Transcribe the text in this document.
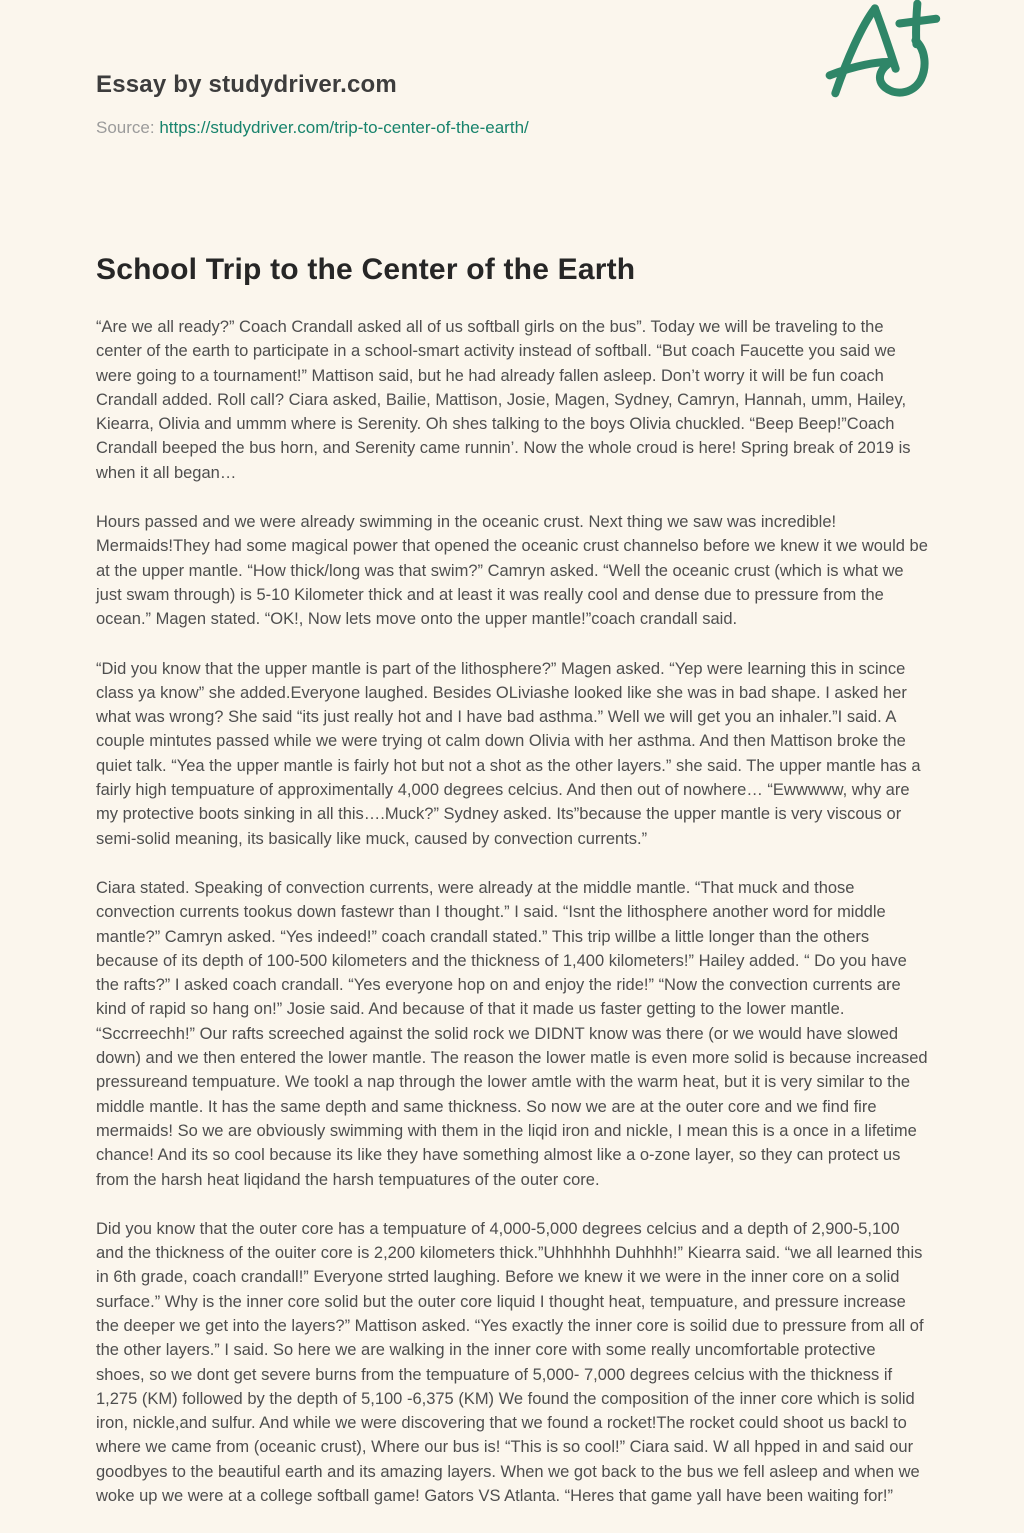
Essay by studydriver.com
Source: https://studydriver.com/trip-to-center-of-the-earth/
School Trip to the Center of the Earth

“Are we all ready?” Coach Crandall asked all of us softball girls on the bus”. Today we will be traveling to the center of the earth to participate in a school-smart activity instead of softball. “But coach Faucette you said we were going to a tournament!” Mattison said, but he had already fallen asleep. Don’t worry it will be fun coach Crandall added. Roll call? Ciara asked, Bailie, Mattison, Josie, Magen, Sydney, Camryn, Hannah, umm, Hailey, Kiearra, Olivia and ummm where is Serenity. Oh shes talking to the boys Olivia chuckled. “Beep Beep!”Coach Crandall beeped the bus horn, and Serenity came runnin’. Now the whole croud is here! Spring break of 2019 is when it all began…

Hours passed and we were already swimming in the oceanic crust. Next thing we saw was incredible! Mermaids!They had some magical power that opened the oceanic crust channelso before we knew it we would be at the upper mantle. “How thick/long was that swim?” Camryn asked. “Well the oceanic crust (which is what we just swam through) is 5-10 Kilometer thick and at least it was really cool and dense due to pressure from the ocean.” Magen stated. “OK!, Now lets move onto the upper mantle!”coach crandall said.

“Did you know that the upper mantle is part of the lithosphere?” Magen asked. “Yep were learning this in scince class ya know” she added.Everyone laughed. Besides OLiviashe looked like she was in bad shape. I asked her what was wrong? She said “its just really hot and I have bad asthma.” Well we will get you an inhaler.”I said. A couple mintutes passed while we were trying ot calm down Olivia with her asthma. And then Mattison broke the quiet talk. “Yea the upper mantle is fairly hot but not a shot as the other layers.” she said. The upper mantle has a fairly high tempuature of approximentally 4,000 degrees celcius. And then out of nowhere… “Ewwwww, why are my protective boots sinking in all this….Muck?” Sydney asked. Its”because the upper mantle is very viscous or semi-solid meaning, its basically like muck, caused by convection currents.”

Ciara stated. Speaking of convection currents, were already at the middle mantle. “That muck and those convection currents tookus down fastewr than I thought.” I said. “Isnt the lithosphere another word for middle mantle?” Camryn asked. “Yes indeed!” coach crandall stated.” This trip willbe a little longer than the others because of its depth of 100-500 kilometers and the thickness of 1,400 kilometers!” Hailey added. “ Do you have the rafts?” I asked coach crandall. “Yes everyone hop on and enjoy the ride!” “Now the convection currents are kind of rapid so hang on!” Josie said. And because of that it made us faster getting to the lower mantle. “Sccrreechh!” Our rafts screeched against the solid rock we DIDNT know was there (or we would have slowed down) and we then entered the lower mantle. The reason the lower matle is even more solid is because increased pressureand tempuature. We tookl a nap through the lower amtle with the warm heat, but it is very similar to the middle mantle. It has the same depth and same thickness. So now we are at the outer core and we find fire mermaids! So we are obviously swimming with them in the liqid iron and nickle, I mean this is a once in a lifetime chance! And its so cool because its like they have something almost like a o-zone layer, so they can protect us from the harsh heat liqidand the harsh tempuatures of the outer core.

Did you know that the outer core has a tempuature of 4,000-5,000 degrees celcius and a depth of 2,900-5,100 and the thickness of the ouiter core is 2,200 kilometers thick.”Uhhhhhh Duhhhh!” Kiearra said. “we all learned this in 6th grade, coach crandall!” Everyone strted laughing. Before we knew it we were in the inner core on a solid surface.” Why is the inner core solid but the outer core liquid I thought heat, tempuature, and pressure increase the deeper we get into the layers?” Mattison asked. “Yes exactly the inner core is soilid due to pressure from all of the other layers.” I said. So here we are walking in the inner core with some really uncomfortable protective shoes, so we dont get severe burns from the tempuature of 5,000- 7,000 degrees celcius with the thickness if 1,275 (KM) followed by the depth of 5,100 -6,375 (KM) We found the composition of the inner core which is solid iron, nickle,and sulfur. And while we were discovering that we found a rocket!The rocket could shoot us backl to where we came from (oceanic crust), Where our bus is! “This is so cool!” Ciara said. W all hpped in and said our goodbyes to the beautiful earth and its amazing layers. When we got back to the bus we fell asleep and when we woke up we were at a college softball game! Gators VS Atlanta. “Heres that game yall have been waiting for!”
